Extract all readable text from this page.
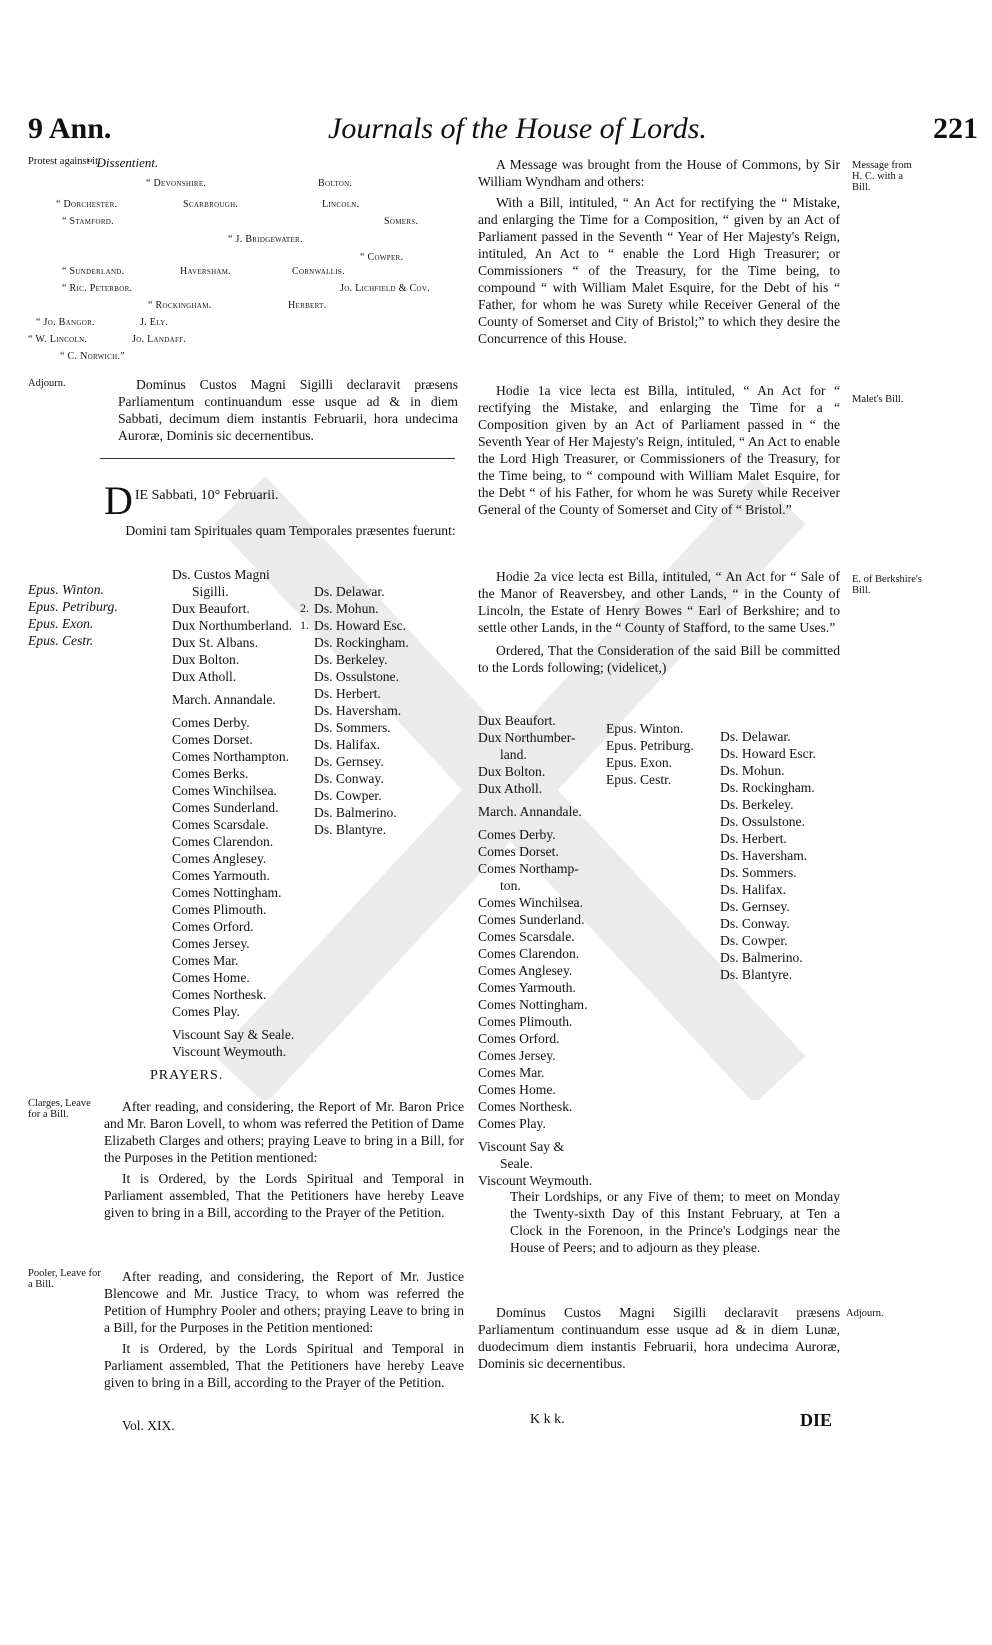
9 Ann.	Journals of the House of Lords.	221
Protest against it.
“ Dissentient.
“ Devonshire.	Bolton.
“ Dorchester.	Scarbrough.	Lincoln.
“ Stamford.	Somers.
“ J. Bridgewater.
“ Cowper.
“ Sunderland.	Haversham.	Cornwallis.
“ Ric. Peterbor.	Jo. Lichfield & Cov.
“ Rockingham.	Herbert.
“ Jo. Bangor.	J. Ely.
“ W. Lincoln.	Jo. Landaff.
“ C. Norwich.”
Adjourn.	Dominus Custos Magni Sigilli declaravit præsens Parliamentum continuandum esse usque ad & in diem Sabbati, decimum diem instantis Februarii, hora undecima Auroræ, Dominis sic decernentibus.

DIE Sabbati, 10° Februarii.
Domini tam Spirituales quam Temporales præsentes fuerunt:
Epus. Winton.
Epus. Petriburg.
Epus. Exon.
Epus. Cestr.
Ds. Custos Magni
Sigilli.
Dux Beaufort.
Dux Northumberland.
Dux St. Albans.
Dux Bolton.
Dux Atholl.
March. Annandale.
Comes Derby.
Comes Dorset.
Comes Northampton.
Comes Berks.
Comes Winchilsea.
Comes Sunderland.
Comes Scarsdale.
Comes Clarendon.
Comes Anglesey.
Comes Yarmouth.
Comes Nottingham.
Comes Plimouth.
Comes Orford.
Comes Jersey.
Comes Mar.
Comes Home.
Comes Northesk.
Comes Play.
Viscount Say & Seale.
Viscount Weymouth.
2.
1.
Ds. Delawar.
Ds. Mohun.
Ds. Howard Esc.
Ds. Rockingham.
Ds. Berkeley.
Ds. Ossulstone.
Ds. Herbert.
Ds. Haversham.
Ds. Sommers.
Ds. Halifax.
Ds. Gernsey.
Ds. Conway.
Ds. Cowper.
Ds. Balmerino.
Ds. Blantyre.
PRAYERS.
Clarges, Leave for a Bill.

After reading, and considering, the Report of Mr. Baron Price and Mr. Baron Lovell, to whom was referred the Petition of Dame Elizabeth Clarges and others; praying Leave to bring in a Bill, for the Purposes in the Petition mentioned:

It is Ordered, by the Lords Spiritual and Temporal in Parliament assembled, That the Petitioners have hereby Leave given to bring in a Bill, according to the Prayer of the Petition.

Pooler, Leave for a Bill.

After reading, and considering, the Report of Mr. Justice Blencowe and Mr. Justice Tracy, to whom was referred the Petition of Humphry Pooler and others; praying Leave to bring in a Bill, for the Purposes in the Petition mentioned:

It is Ordered, by the Lords Spiritual and Temporal in Parliament assembled, That the Petitioners have hereby Leave given to bring in a Bill, according to the Prayer of the Petition.

Vol. XIX.

A Message was brought from the House of Commons, by Sir William Wyndham and others:

With a Bill, intituled, “ An Act for rectifying the “ Mistake, and enlarging the Time for a Composition, “ given by an Act of Parliament passed in the Seventh “ Year of Her Majesty's Reign, intituled, An Act to “ enable the Lord High Treasurer; or Commissioners “ of the Treasury, for the Time being, to compound “ with William Malet Esquire, for the Debt of his “ Father, for whom he was Surety while Receiver General of the County of Somerset and City of Bristol;” to which they desire the Concurrence of this House.

Message from H. C. with a Bill.

Hodie 1a vice lecta est Billa, intituled, “ An Act for “ rectifying the Mistake, and enlarging the Time for a “ Composition given by an Act of Parliament passed in “ the Seventh Year of Her Majesty's Reign, intituled, “ An Act to enable the Lord High Treasurer, or Commissioners of the Treasury, for the Time being, to “ compound with William Malet Esquire, for the Debt “ of his Father, for whom he was Surety while Receiver General of the County of Somerset and City of “ Bristol.”

Malet's Bill.

Hodie 2a vice lecta est Billa, intituled, “ An Act for “ Sale of the Manor of Reaversbey, and other Lands, “ in the County of Lincoln, the Estate of Henry Bowes “ Earl of Berkshire; and to settle other Lands, in the “ County of Stafford, to the same Uses.”

Ordered, That the Consideration of the said Bill be committed to the Lords following; (videlicet,)

E. of Berkshire's Bill.
Dux Beaufort.
Dux Northumber-
land.
Dux Bolton.
Dux Atholl.
March. Annandale.
Comes Derby.
Comes Dorset.
Comes Northamp-
ton.
Comes Winchilsea.
Comes Sunderland.
Comes Scarsdale.
Comes Clarendon.
Comes Anglesey.
Comes Yarmouth.
Comes Nottingham.
Comes Plimouth.
Comes Orford.
Comes Jersey.
Comes Mar.
Comes Home.
Comes Northesk.
Comes Play.
Viscount Say &
Seale.
Viscount Weymouth.
Epus. Winton.
Epus. Petriburg.
Epus. Exon.
Epus. Cestr.
Ds. Delawar.
Ds. Howard Escr.
Ds. Mohun.
Ds. Rockingham.
Ds. Berkeley.
Ds. Ossulstone.
Ds. Herbert.
Ds. Haversham.
Ds. Sommers.
Ds. Halifax.
Ds. Gernsey.
Ds. Conway.
Ds. Cowper.
Ds. Balmerino.
Ds. Blantyre.

Their Lordships, or any Five of them; to meet on Monday the Twenty-sixth Day of this Instant February, at Ten a Clock in the Forenoon, in the Prince's Lodgings near the House of Peers; and to adjourn as they please.

Dominus Custos Magni Sigilli declaravit præsens Parliamentum continuandum esse usque ad & in diem Lunæ, duodecimum diem instantis Februarii, hora undecima Auroræ, Dominis sic decernentibus.

Adjourn.
K k k.	DIE
